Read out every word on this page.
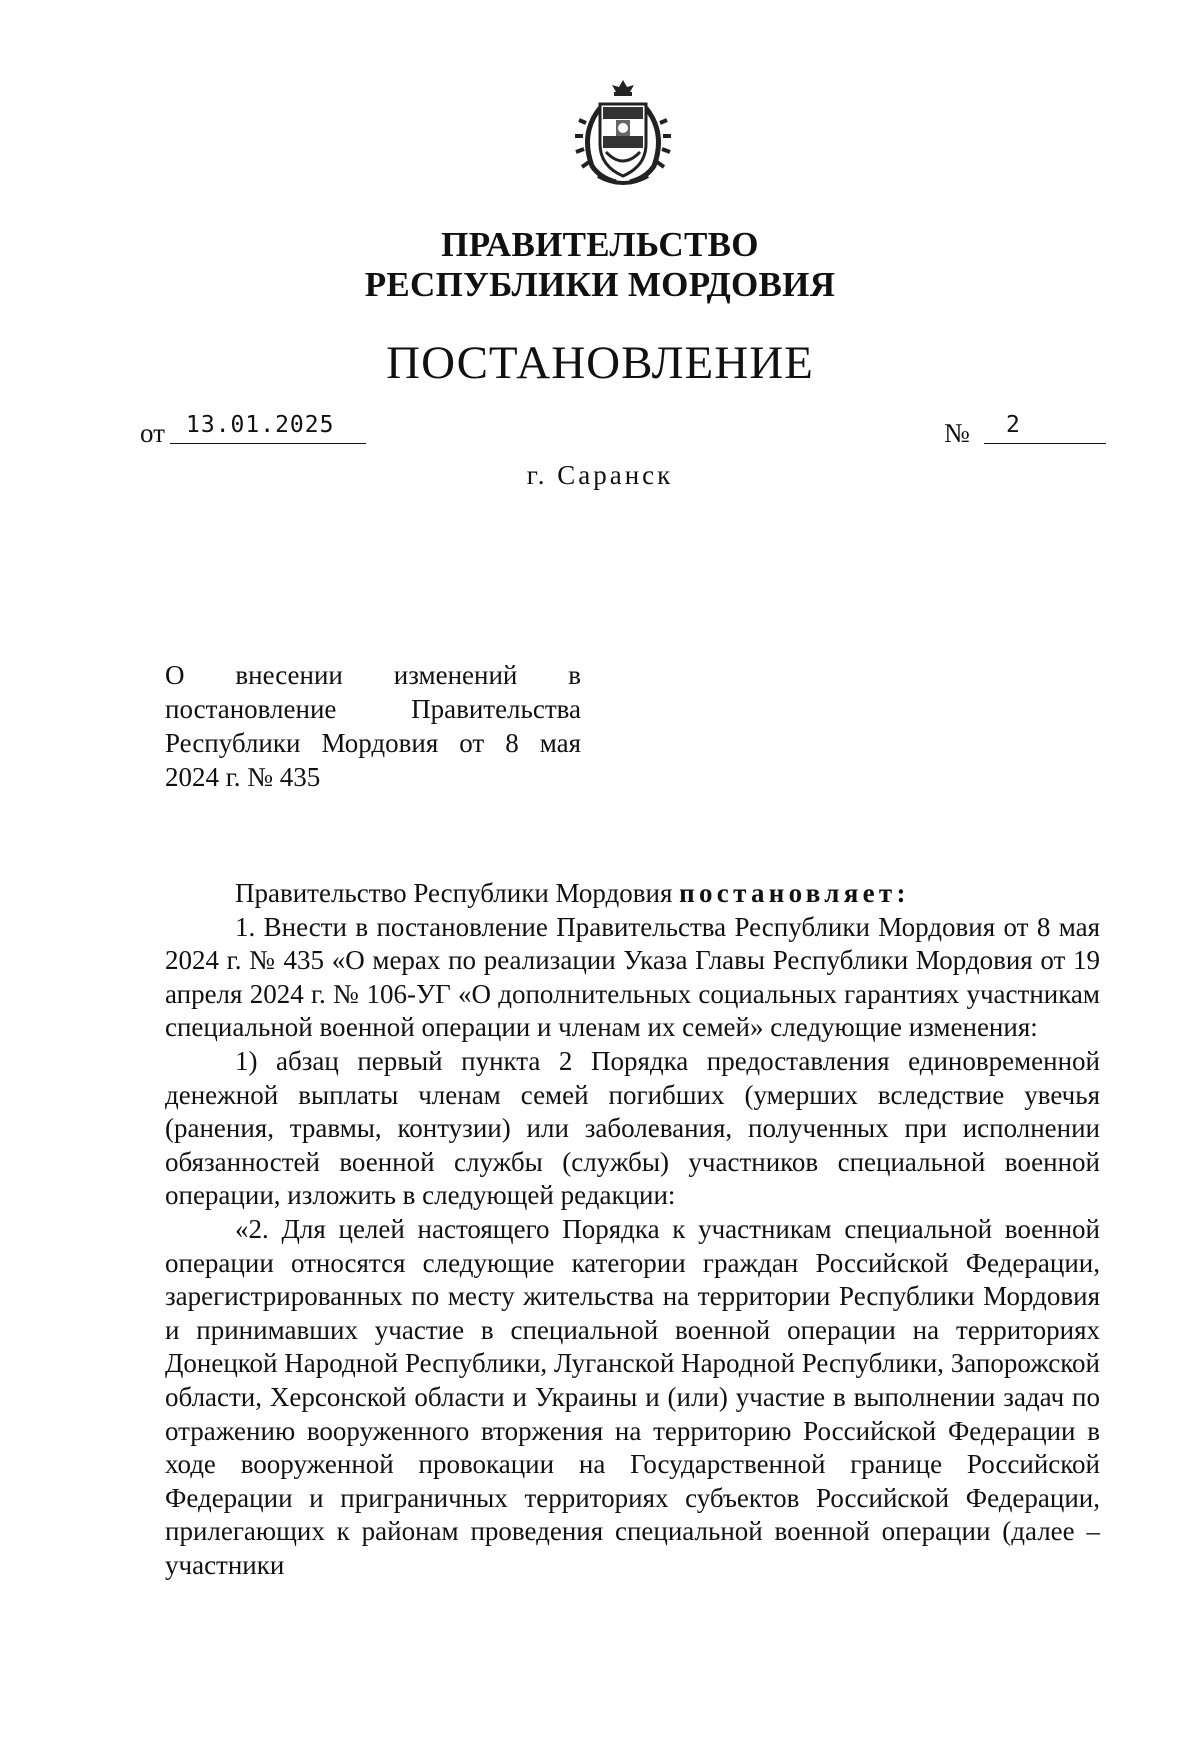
ПРАВИТЕЛЬСТВО
РЕСПУБЛИКИ МОРДОВИЯ
ПОСТАНОВЛЕНИЕ
от 13.01.2025	№	2
г. Саранск
О внесении изменений в
постановление Правительства
Республики Мордовия от 8 мая
2024 г. № 435
Правительство Республики Мордовия постановляет:
1. Внести в постановление Правительства Республики Мордовия от 8 мая 2024 г. № 435 «О мерах по реализации Указа Главы Республики Мордовия от 19 апреля 2024 г. № 106-УГ «О дополнительных социальных гарантиях участникам специальной военной операции и членам их семей» следующие изменения:
1) абзац первый пункта 2 Порядка предоставления единовременной денежной выплаты членам семей погибших (умерших вследствие увечья (ранения, травмы, контузии) или заболевания, полученных при исполнении обязанностей военной службы (службы) участников специальной военной операции, изложить в следующей редакции:
«2. Для целей настоящего Порядка к участникам специальной военной операции относятся следующие категории граждан Российской Федерации, зарегистрированных по месту жительства на территории Республики Мордовия и принимавших участие в специальной военной операции на территориях Донецкой Народной Республики, Луганской Народной Республики, Запорожской области, Херсонской области и Украины и (или) участие в выполнении задач по отражению вооруженного вторжения на территорию Российской Федерации в ходе вооруженной провокации на Государственной границе Российской Федерации и приграничных территориях субъектов Российской Федерации, прилегающих к районам проведения специальной военной операции (далее – участники
